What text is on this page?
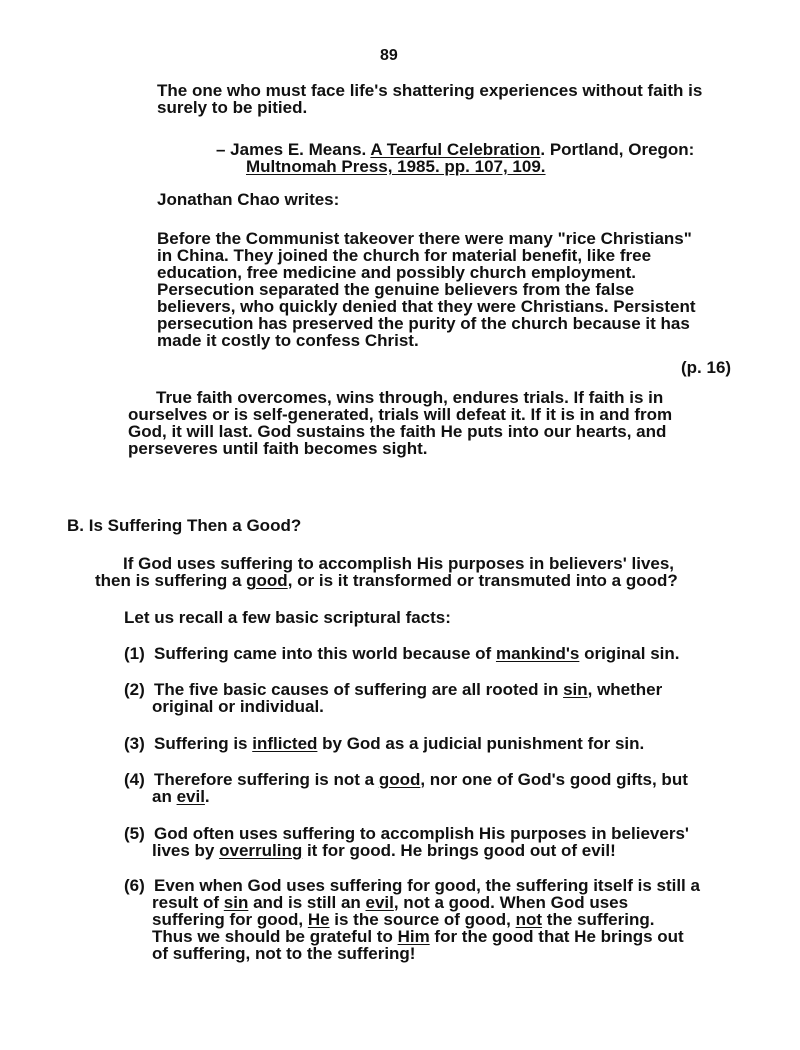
89
The one who must face life's shattering experiences without faith is
surely to be pitied.
– James E. Means. A Tearful Celebration. Portland, Oregon:
Multnomah Press, 1985. pp. 107, 109.
Jonathan Chao writes:
Before the Communist takeover there were many "rice Christians"
in China. They joined the church for material benefit, like free
education, free medicine and possibly church employment.
Persecution separated the genuine believers from the false
believers, who quickly denied that they were Christians. Persistent
persecution has preserved the purity of the church because it has
made it costly to confess Christ.
(p. 16)
True faith overcomes, wins through, endures trials. If faith is in
ourselves or is self-generated, trials will defeat it. If it is in and from
God, it will last. God sustains the faith He puts into our hearts, and
perseveres until faith becomes sight.
B. Is Suffering Then a Good?
If God uses suffering to accomplish His purposes in believers' lives,
then is suffering a good, or is it transformed or transmuted into a good?
Let us recall a few basic scriptural facts:
(1) Suffering came into this world because of mankind's original sin.
(2) The five basic causes of suffering are all rooted in sin, whether
original or individual.
(3) Suffering is inflicted by God as a judicial punishment for sin.
(4) Therefore suffering is not a good, nor one of God's good gifts, but
an evil.
(5) God often uses suffering to accomplish His purposes in believers'
lives by overruling it for good. He brings good out of evil!
(6) Even when God uses suffering for good, the suffering itself is still a
result of sin and is still an evil, not a good. When God uses
suffering for good, He is the source of good, not the suffering.
Thus we should be grateful to Him for the good that He brings out
of suffering, not to the suffering!
